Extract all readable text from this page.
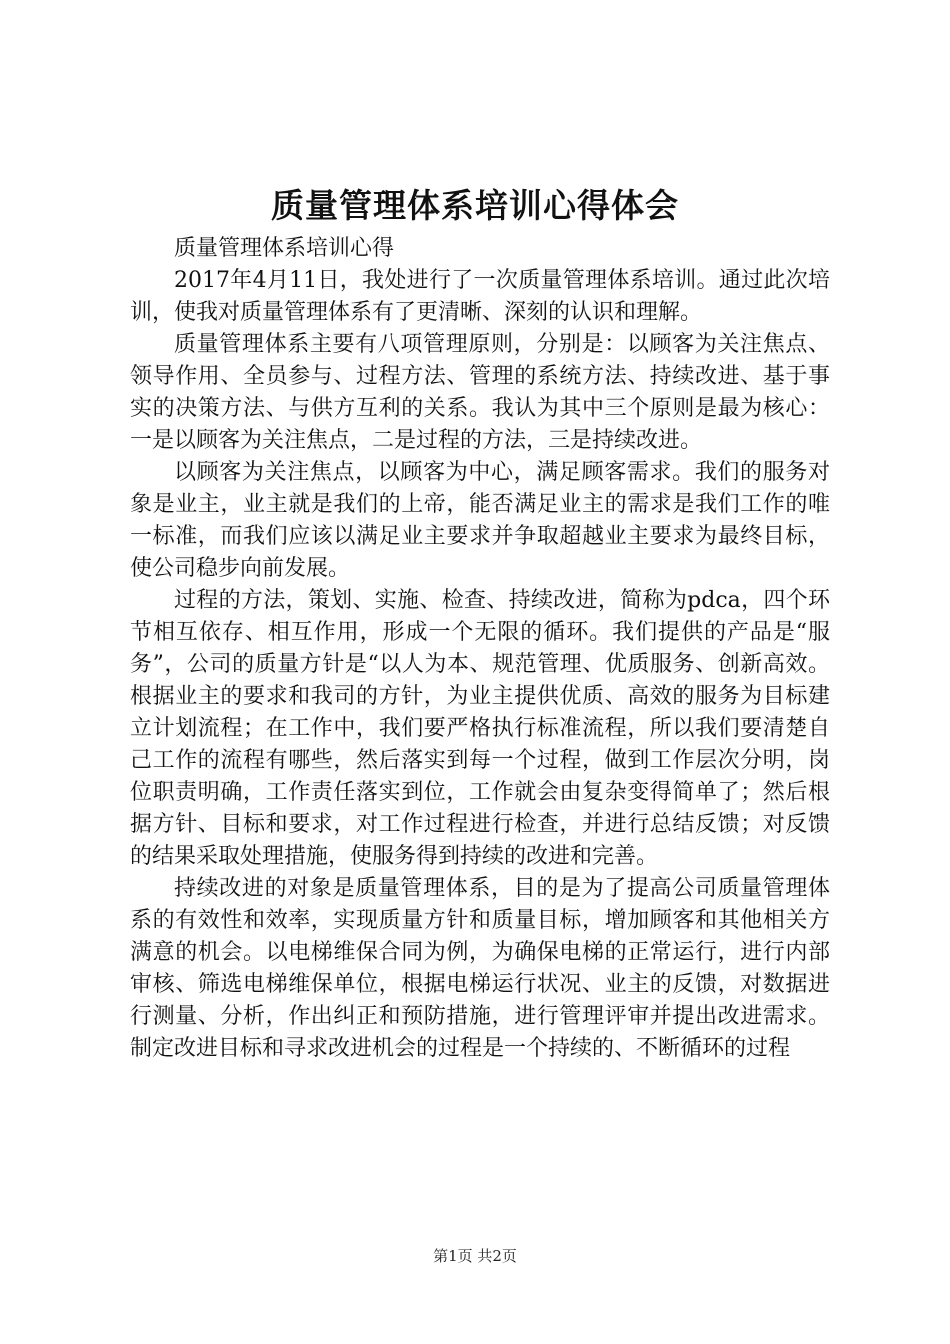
质量管理体系培训心得体会

质量管理体系培训心得

2017年4月11日，我处进行了一次质量管理体系培训。通过此次培训，使我对质量管理体系有了更清晰、深刻的认识和理解。

质量管理体系主要有八项管理原则，分别是：以顾客为关注焦点、领导作用、全员参与、过程方法、管理的系统方法、持续改进、基于事实的决策方法、与供方互利的关系。我认为其中三个原则是最为核心：一是以顾客为关注焦点，二是过程的方法，三是持续改进。

以顾客为关注焦点，以顾客为中心，满足顾客需求。我们的服务对象是业主，业主就是我们的上帝，能否满足业主的需求是我们工作的唯一标准，而我们应该以满足业主要求并争取超越业主要求为最终目标，使公司稳步向前发展。

过程的方法，策划、实施、检查、持续改进，简称为pdca，四个环节相互依存、相互作用，形成一个无限的循环。我们提供的产品是“服务”，公司的质量方针是“以人为本、规范管理、优质服务、创新高效。根据业主的要求和我司的方针，为业主提供优质、高效的服务为目标建立计划流程；在工作中，我们要严格执行标准流程，所以我们要清楚自己工作的流程有哪些，然后落实到每一个过程，做到工作层次分明，岗位职责明确，工作责任落实到位，工作就会由复杂变得简单了；然后根据方针、目标和要求，对工作过程进行检查，并进行总结反馈；对反馈的结果采取处理措施，使服务得到持续的改进和完善。

持续改进的对象是质量管理体系，目的是为了提高公司质量管理体系的有效性和效率，实现质量方针和质量目标，增加顾客和其他相关方满意的机会。以电梯维保合同为例，为确保电梯的正常运行，进行内部审核、筛选电梯维保单位，根据电梯运行状况、业主的反馈，对数据进行测量、分析，作出纠正和预防措施，进行管理评审并提出改进需求。制定改进目标和寻求改进机会的过程是一个持续的、不断循环的过程

第1页 共2页
